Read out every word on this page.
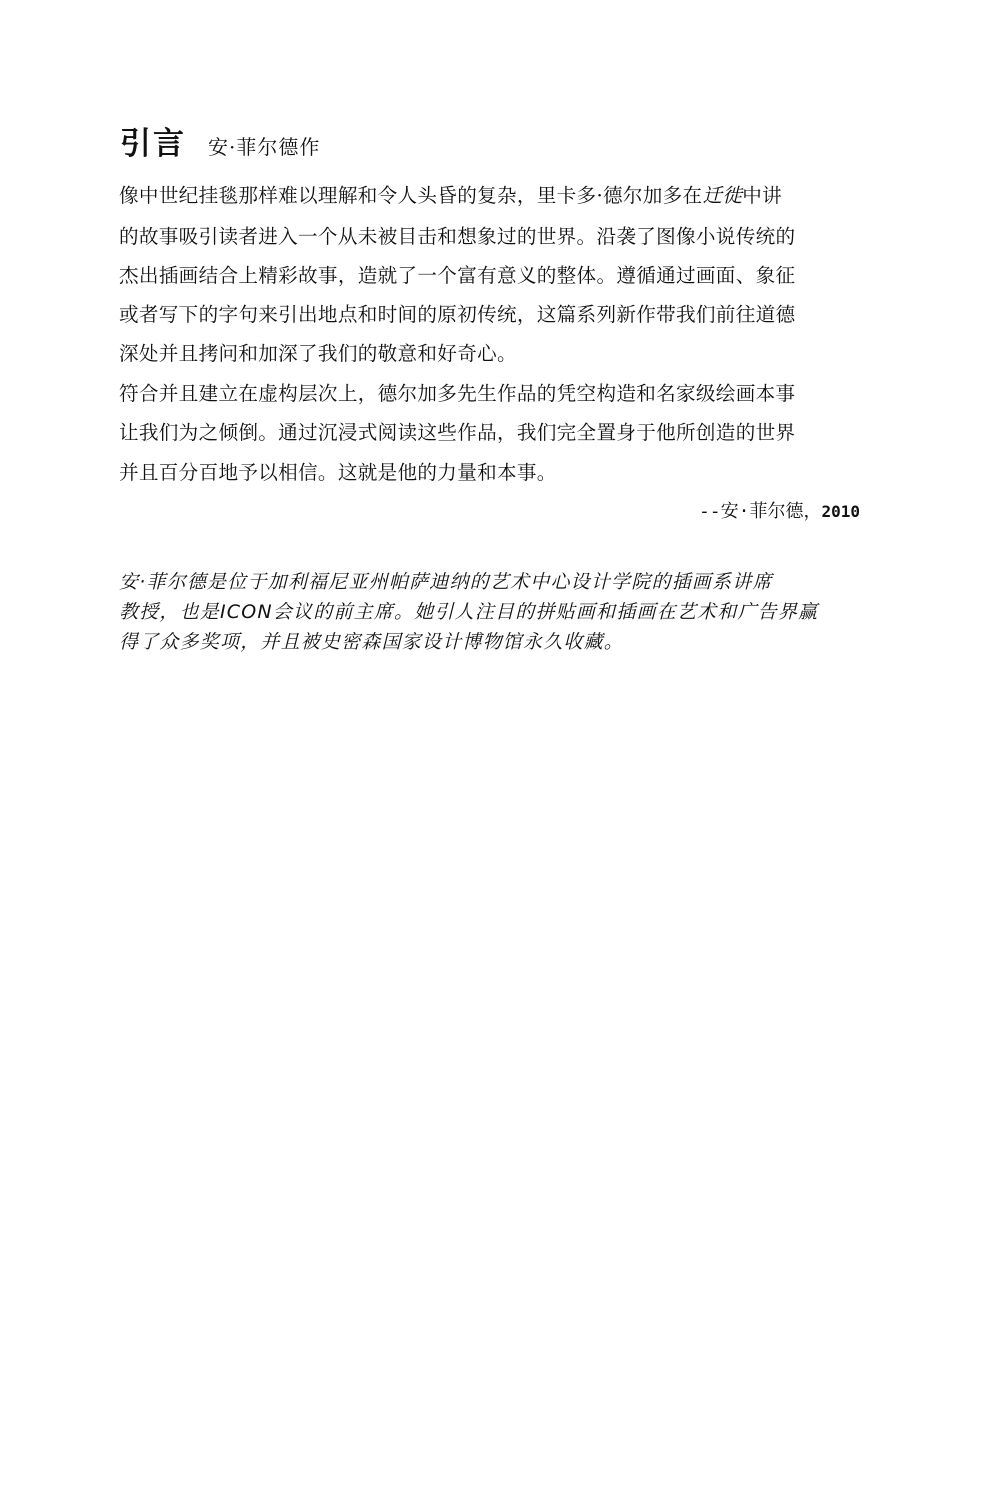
引言 安·菲尔德作
像中世纪挂毯那样难以理解和令人头昏的复杂，里卡多·德尔加多在迁徙中讲
的故事吸引读者进入一个从未被目击和想象过的世界。沿袭了图像小说传统的
杰出插画结合上精彩故事，造就了一个富有意义的整体。遵循通过画面、象征
或者写下的字句来引出地点和时间的原初传统，这篇系列新作带我们前往道德
深处并且拷问和加深了我们的敬意和好奇心。
符合并且建立在虚构层次上，德尔加多先生作品的凭空构造和名家级绘画本事
让我们为之倾倒。通过沉浸式阅读这些作品，我们完全置身于他所创造的世界
并且百分百地予以相信。这就是他的力量和本事。
--安·菲尔德，2010
安·菲尔德是位于加利福尼亚州帕萨迪纳的艺术中心设计学院的插画系讲席
教授，也是ICON会议的前主席。她引人注目的拼贴画和插画在艺术和广告界赢
得了众多奖项，并且被史密森国家设计博物馆永久收藏。
